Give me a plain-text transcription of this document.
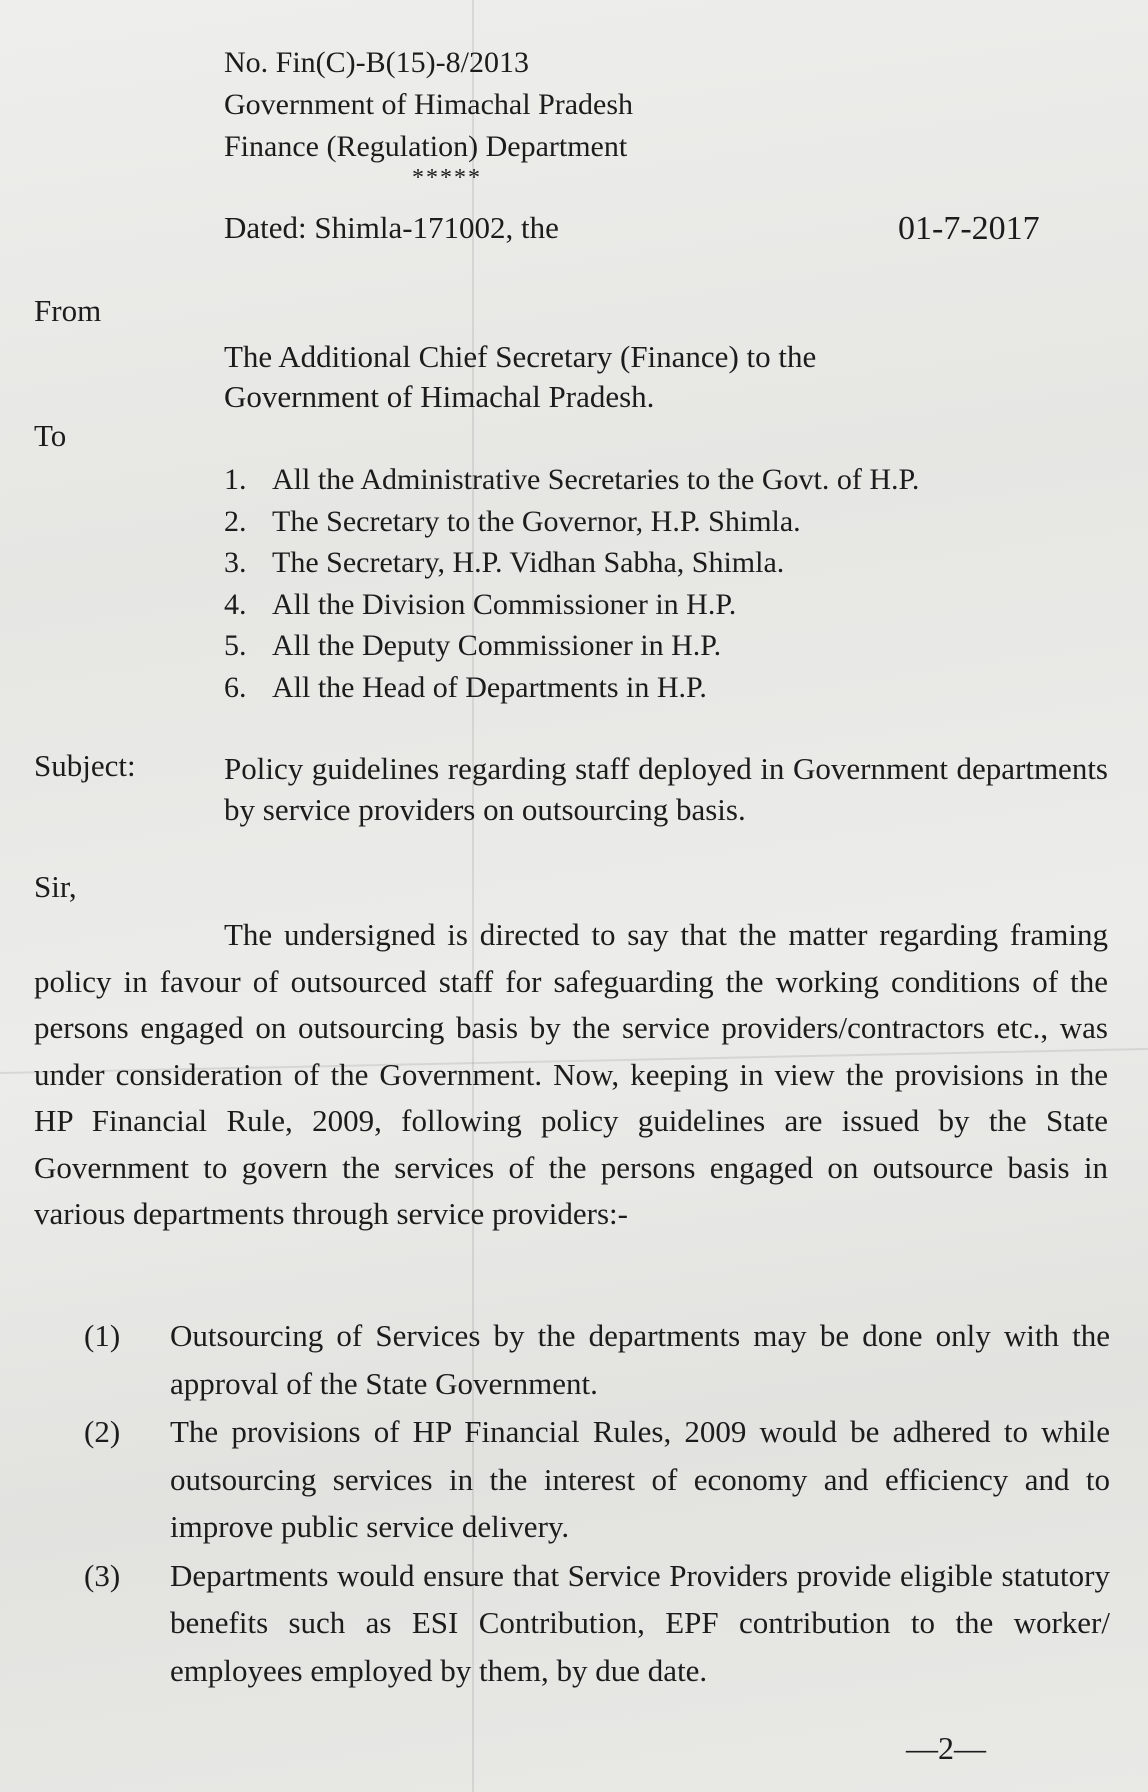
No. Fin(C)-B(15)-8/2013
Government of Himachal Pradesh
Finance (Regulation) Department
*****
Dated: Shimla-171002, the	01-7-2017
From
The Additional Chief Secretary (Finance) to the
Government of Himachal Pradesh.
To
1. All the Administrative Secretaries to the Govt. of H.P.
2. The Secretary to the Governor, H.P. Shimla.
3. The Secretary, H.P. Vidhan Sabha, Shimla.
4. All the Division Commissioner in H.P.
5. All the Deputy Commissioner in H.P.
6. All the Head of Departments in H.P.
Subject:	Policy guidelines regarding staff deployed in Government departments by service providers on outsourcing basis.
Sir,
The undersigned is directed to say that the matter regarding framing policy in favour of outsourced staff for safeguarding the working conditions of the persons engaged on outsourcing basis by the service providers/contractors etc., was under consideration of the Government. Now, keeping in view the provisions in the HP Financial Rule, 2009, following policy guidelines are issued by the State Government to govern the services of the persons engaged on outsource basis in various departments through service providers:-
(1)	Outsourcing of Services by the departments may be done only with the approval of the State Government.
(2)	The provisions of HP Financial Rules, 2009 would be adhered to while outsourcing services in the interest of economy and efficiency and to improve public service delivery.
(3)	Departments would ensure that Service Providers provide eligible statutory benefits such as ESI Contribution, EPF contribution to the worker/ employees employed by them, by due date.
—2—
